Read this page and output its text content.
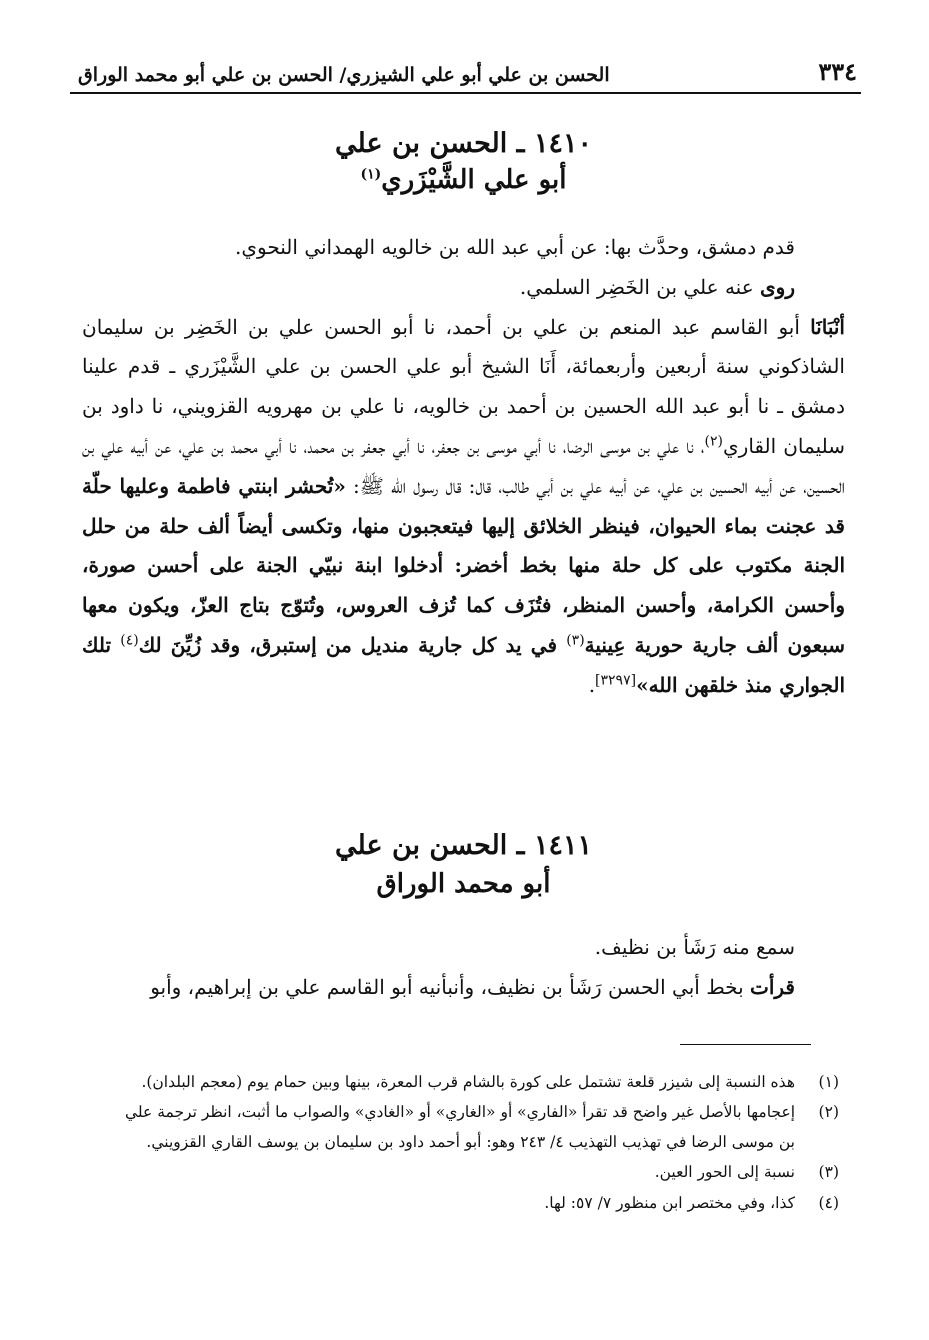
٣٣٤
الحسن بن علي أبو علي الشيزري/ الحسن بن علي أبو محمد الوراق
١٤١٠ ـ الحسن بن علي
أبو علي الشَّيْزَري$^{(١)}$

قدم دمشق، وحدَّث بها: عن أبي عبد الله بن خالويه الهمداني النحوي.

روى عنه علي بن الخَضِر السلمي.

أنْبَانَا أبو القاسم عبد المنعم بن علي بن أحمد، نا أبو الحسن علي بن الخَضِر بن سليمان الشاذكوني سنة أربعين وأربعمائة، أَنَا الشيخ أبو علي الحسن بن علي الشَّيْزَري ـ قدم علينا دمشق ـ نا أبو عبد الله الحسين بن أحمد بن خالويه، نا علي بن مهرويه القزويني، نا داود بن سليمان القاري$^{(٢)}$، نا علي بن موسى الرضا، نا أبي موسى بن جعفر، نا أبي جعفر بن محمد، نا أبي محمد بن علي، عن أبيه علي بن الحسين، عن أبيه الحسين بن علي، عن أبيه علي بن أبي طالب، قال: قال رسول الله ﷺ: «تُحشر ابنتي فاطمة وعليها حلّة قد عجنت بماء الحيوان، فينظر الخلائق إليها فيتعجبون منها، وتكسى أيضاً ألف حلة من حلل الجنة مكتوب على كل حلة منها بخط أخضر: أدخلوا ابنة نبيّي الجنة على أحسن صورة، وأحسن الكرامة، وأحسن المنظر، فتُزَف كما تُزف العروس، وتُتوّج بتاج العزّ، ويكون معها سبعون ألف جارية حورية عِينية$^{(٣)}$ في يد كل جارية منديل من إستبرق، وقد زُيِّنَ لك$^{(٤)}$ تلك الجواري منذ خلقهن الله»[٣٢٩٧].

١٤١١ ـ الحسن بن علي
أبو محمد الوراق

سمع منه رَشَأ بن نظيف.

قرأت بخط أبي الحسن رَشَأ بن نظيف، وأنبأنيه أبو القاسم علي بن إبراهيم، وأبو

(١)
هذه النسبة إلى شيزر قلعة تشتمل على كورة بالشام قرب المعرة، بينها وبين حمام يوم (معجم البلدان).
(٢)
إعجامها بالأصل غير واضح قد تقرأ «الفاري» أو «الغاري» أو «الغادي» والصواب ما أثبت، انظر ترجمة علي بن موسى الرضا في تهذيب التهذيب ٤/ ٢٤٣ وهو: أبو أحمد داود بن سليمان بن يوسف القاري القزويني.
(٣)
نسبة إلى الحور العين.
(٤)
كذا، وفي مختصر ابن منظور ٧/ ٥٧: لها.
